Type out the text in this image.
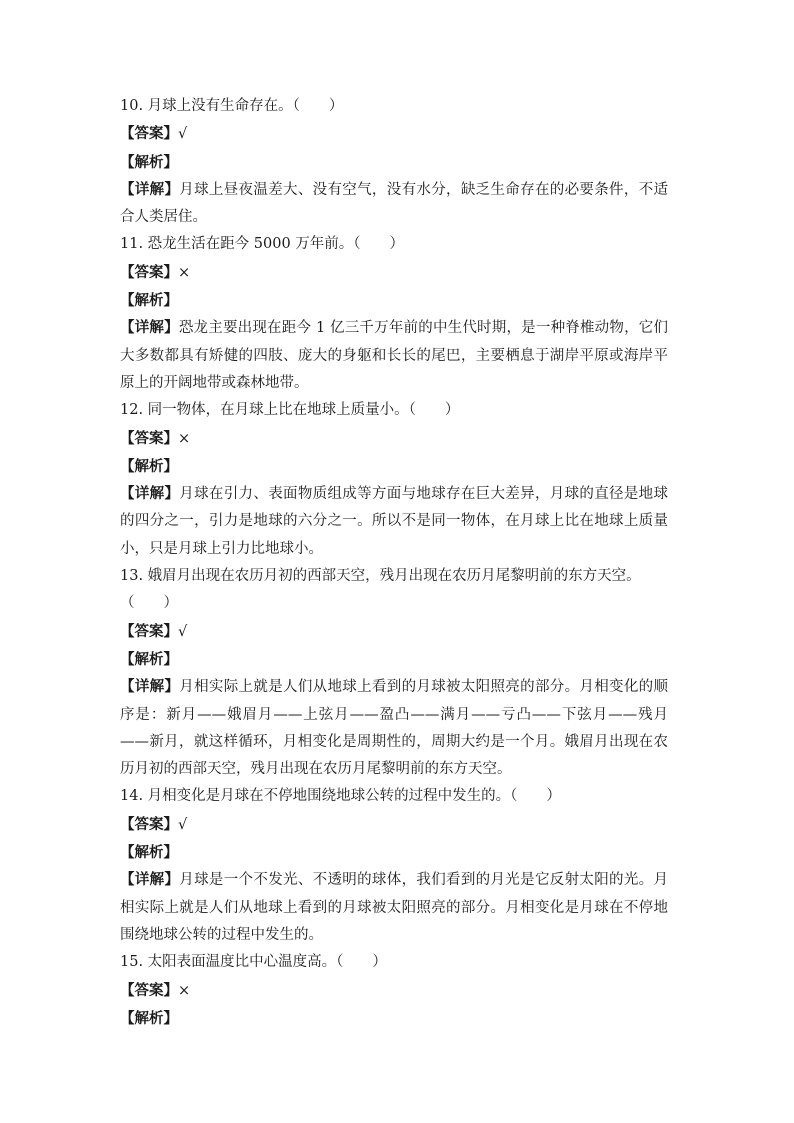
10. 月球上没有生命存在。（　　）

【答案】√

【解析】

【详解】月球上昼夜温差大、没有空气，没有水分，缺乏生命存在的必要条件，不适合人类居住。

11. 恐龙生活在距今 5000 万年前。（　　）

【答案】×

【解析】

【详解】恐龙主要出现在距今 1 亿三千万年前的中生代时期，是一种脊椎动物，它们大多数都具有矫健的四肢、庞大的身躯和长长的尾巴，主要栖息于湖岸平原或海岸平原上的开阔地带或森林地带。

12. 同一物体，在月球上比在地球上质量小。（　　）

【答案】×

【解析】

【详解】月球在引力、表面物质组成等方面与地球存在巨大差异，月球的直径是地球的四分之一，引力是地球的六分之一。所以不是同一物体，在月球上比在地球上质量小，只是月球上引力比地球小。

13. 娥眉月出现在农历月初的西部天空，残月出现在农历月尾黎明前的东方天空。

（　　）

【答案】√

【解析】

【详解】月相实际上就是人们从地球上看到的月球被太阳照亮的部分。月相变化的顺序是：新月——娥眉月——上弦月——盈凸——满月——亏凸——下弦月——残月——新月，就这样循环，月相变化是周期性的，周期大约是一个月。娥眉月出现在农历月初的西部天空，残月出现在农历月尾黎明前的东方天空。

14. 月相变化是月球在不停地围绕地球公转的过程中发生的。（　　）

【答案】√

【解析】

【详解】月球是一个不发光、不透明的球体，我们看到的月光是它反射太阳的光。月相实际上就是人们从地球上看到的月球被太阳照亮的部分。月相变化是月球在不停地围绕地球公转的过程中发生的。

15. 太阳表面温度比中心温度高。（　　）

【答案】×

【解析】
